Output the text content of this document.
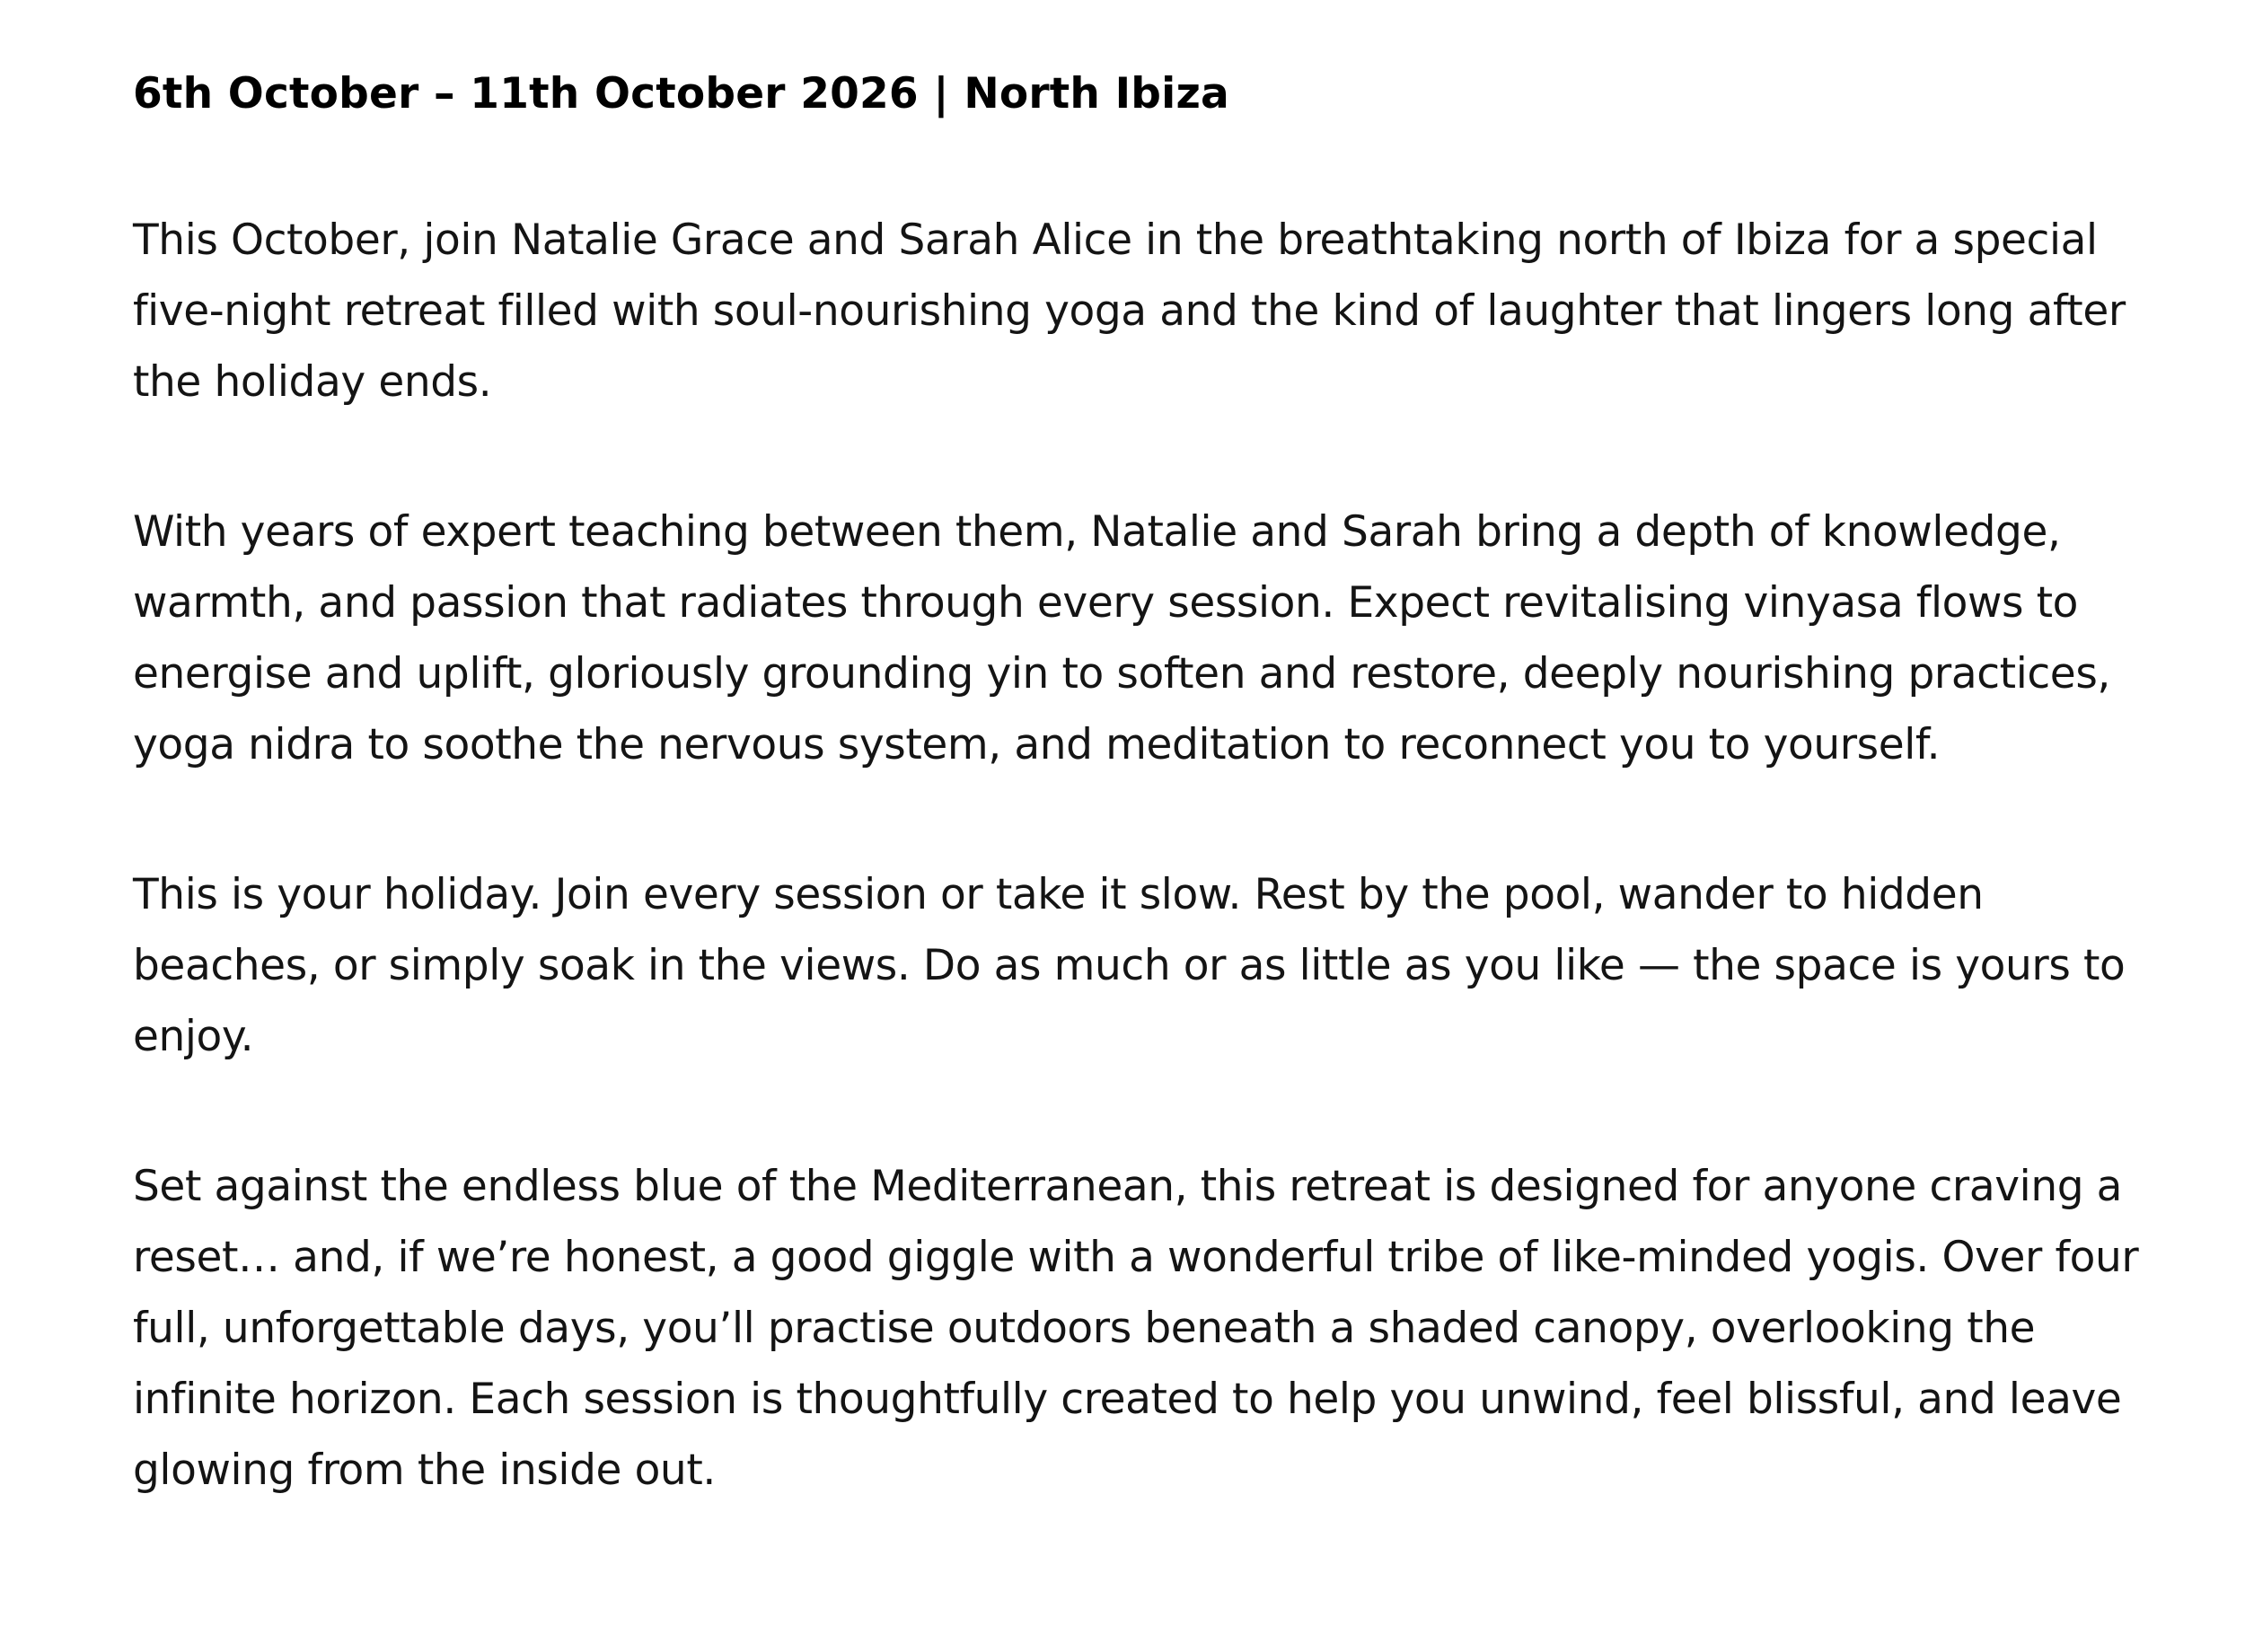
6th October – 11th October 2026 | North Ibiza

This October, join Natalie Grace and Sarah Alice in the breathtaking north of Ibiza for a special five-night retreat filled with soul-nourishing yoga and the kind of laughter that lingers long after the holiday ends.

With years of expert teaching between them, Natalie and Sarah bring a depth of knowledge, warmth, and passion that radiates through every session. Expect revitalising vinyasa flows to energise and uplift, gloriously grounding yin to soften and restore, deeply nourishing practices, yoga nidra to soothe the nervous system, and meditation to reconnect you to yourself.

This is your holiday. Join every session or take it slow. Rest by the pool, wander to hidden beaches, or simply soak in the views. Do as much or as little as you like — the space is yours to enjoy.

Set against the endless blue of the Mediterranean, this retreat is designed for anyone craving a reset… and, if we’re honest, a good giggle with a wonderful tribe of like-minded yogis. Over four full, unforgettable days, you’ll practise outdoors beneath a shaded canopy, overlooking the infinite horizon. Each session is thoughtfully created to help you unwind, feel blissful, and leave glowing from the inside out.
